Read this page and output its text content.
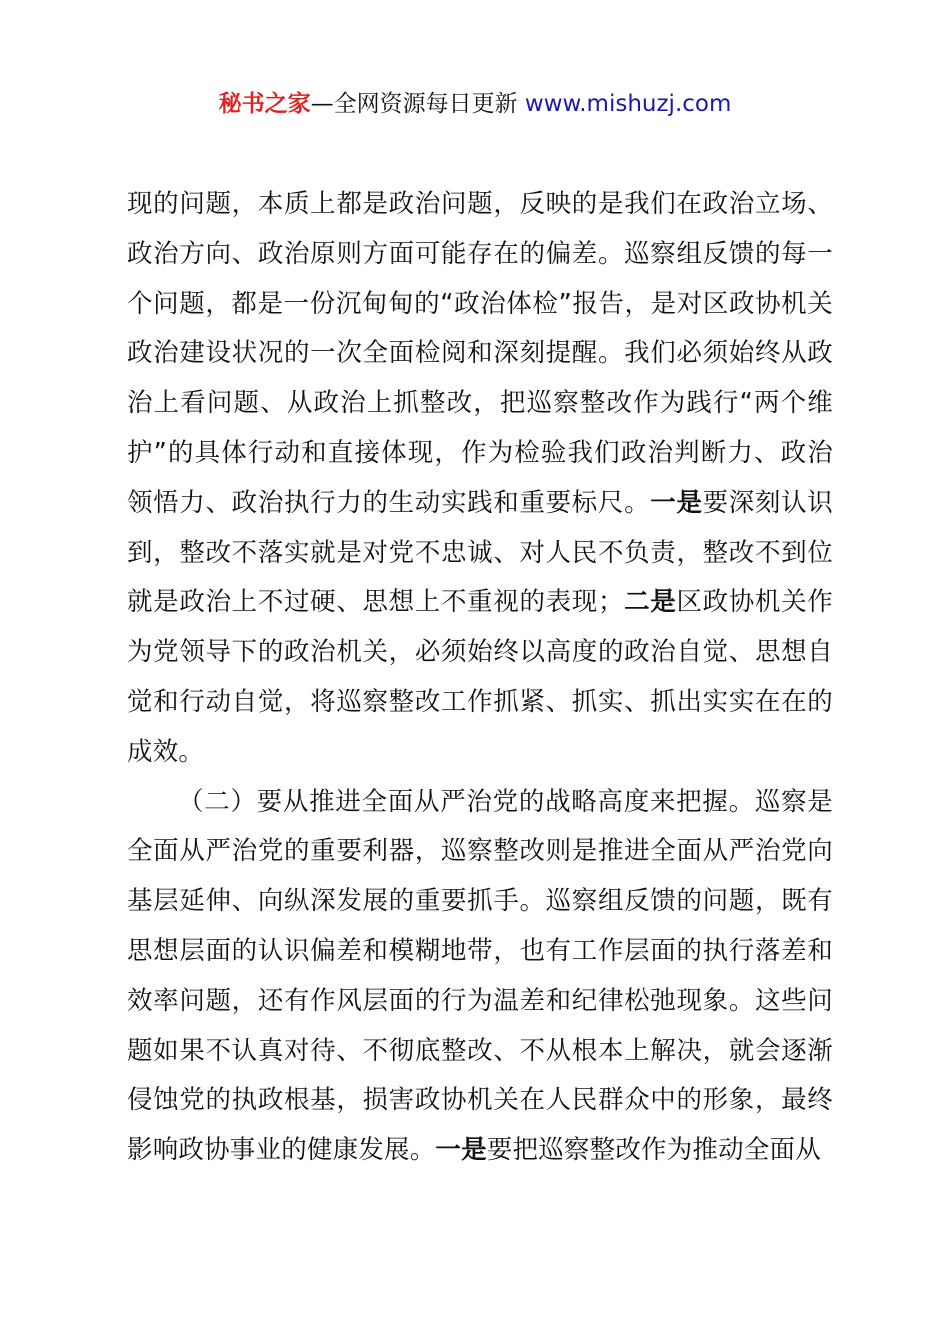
秘书之家—全网资源每日更新 www.mishuzj.com

现的问题，本质上都是政治问题，反映的是我们在政治立场、政治方向、政治原则方面可能存在的偏差。巡察组反馈的每一个问题，都是一份沉甸甸的“政治体检”报告，是对区政协机关政治建设状况的一次全面检阅和深刻提醒。我们必须始终从政治上看问题、从政治上抓整改，把巡察整改作为践行“两个维护”的具体行动和直接体现，作为检验我们政治判断力、政治领悟力、政治执行力的生动实践和重要标尺。一是要深刻认识到，整改不落实就是对党不忠诚、对人民不负责，整改不到位就是政治上不过硬、思想上不重视的表现；二是区政协机关作为党领导下的政治机关，必须始终以高度的政治自觉、思想自觉和行动自觉，将巡察整改工作抓紧、抓实、抓出实实在在的成效。

（二）要从推进全面从严治党的战略高度来把握。巡察是全面从严治党的重要利器，巡察整改则是推进全面从严治党向基层延伸、向纵深发展的重要抓手。巡察组反馈的问题，既有思想层面的认识偏差和模糊地带，也有工作层面的执行落差和效率问题，还有作风层面的行为温差和纪律松弛现象。这些问题如果不认真对待、不彻底整改、不从根本上解决，就会逐渐侵蚀党的执政根基，损害政协机关在人民群众中的形象，最终影响政协事业的健康发展。一是要把巡察整改作为推动全面从
